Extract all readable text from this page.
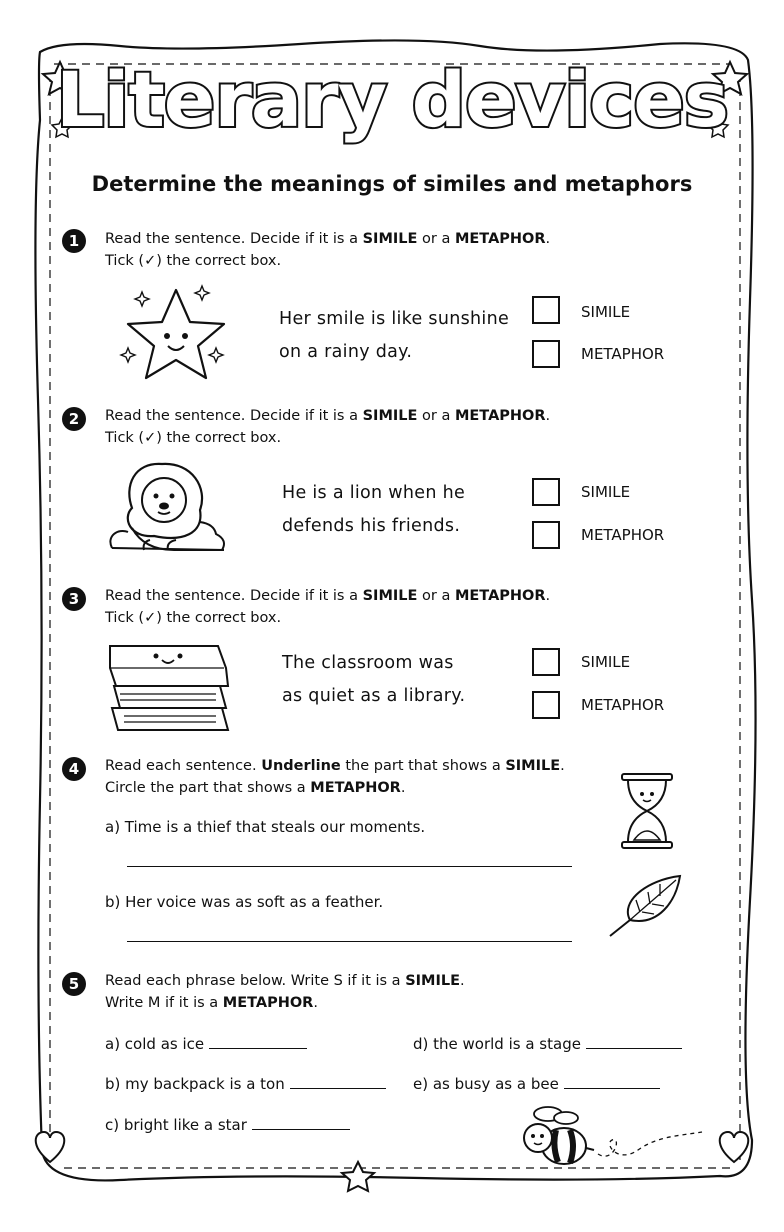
Literary devices
Determine the meanings of similes and metaphors
1	Read the sentence. Decide if it is a SIMILE or a METAPHOR.
Tick (✓) the correct box.
Her smile is like sunshine
on a rainy day.
SIMILE
METAPHOR
2	Read the sentence. Decide if it is a SIMILE or a METAPHOR.
Tick (✓) the correct box.
He is a lion when he
defends his friends.
SIMILE
METAPHOR
3	Read the sentence. Decide if it is a SIMILE or a METAPHOR.
Tick (✓) the correct box.
The classroom was
as quiet as a library.
SIMILE
METAPHOR
4	Read each sentence. Underline the part that shows a SIMILE.
Circle the part that shows a METAPHOR.
a) Time is a thief that steals our moments.
b) Her voice was as soft as a feather.
5	Read each phrase below. Write S if it is a SIMILE.
Write M if it is a METAPHOR.
a) cold as ice
b) my backpack is a ton
c) bright like a star
d) the world is a stage
e) as busy as a bee
